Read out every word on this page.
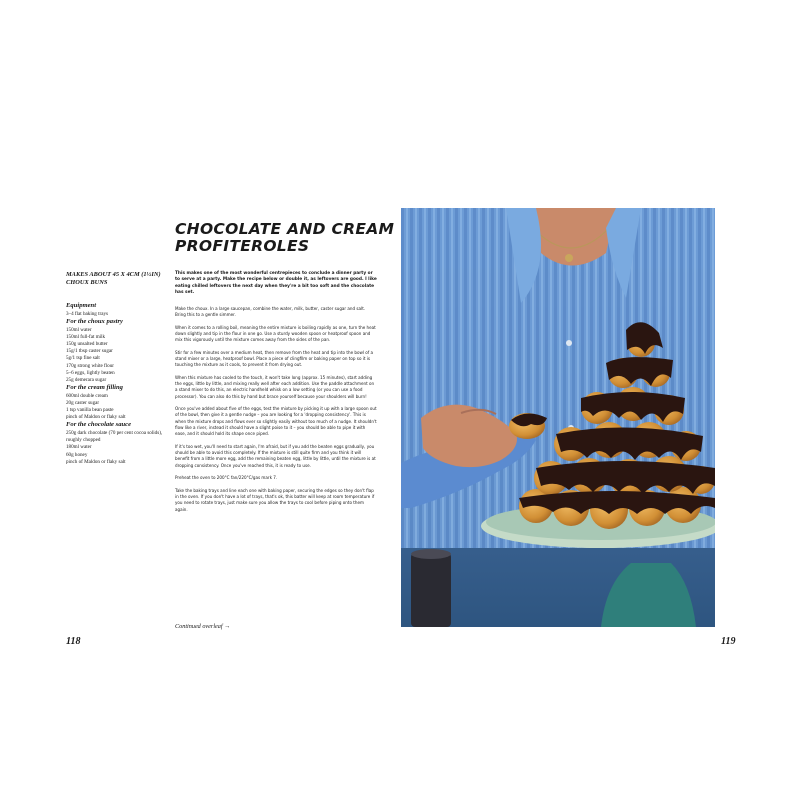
CHOCOLATE AND CREAM PROFITEROLES
MAKES ABOUT 45 X 4CM (1½IN) CHOUX BUNS
Equipment
3–4 flat baking trays
For the choux pastry
150ml water
150ml full-fat milk
150g unsalted butter
15g/1 tbsp caster sugar
5g/1 tsp fine salt
170g strong white flour
5–6 eggs, lightly beaten
25g demerara sugar
For the cream filling
600ml double cream
20g caster sugar
1 tsp vanilla bean paste
pinch of Maldon or flaky salt
For the chocolate sauce
250g dark chocolate (70 per cent cocoa solids), roughly chopped
180ml water
60g honey
pinch of Maldon or flaky salt

This makes one of the most wonderful centrepieces to conclude a dinner party or to serve at a party. Make the recipe below or double it, as leftovers are good. I like eating chilled leftovers the next day when they're a bit too soft and the chocolate has set.

Make the choux. In a large saucepan, combine the water, milk, butter, caster sugar and salt. Bring this to a gentle simmer.

When it comes to a rolling boil, meaning the entire mixture is boiling rapidly as one, turn the heat down slightly and tip in the flour in one go. Use a sturdy wooden spoon or heatproof spoon and mix this vigorously until the mixture comes away from the sides of the pan.

Stir for a few minutes over a medium heat, then remove from the heat and tip into the bowl of a stand mixer or a large, heatproof bowl. Place a piece of clingfilm or baking paper on top so it is touching the mixture as it cools, to prevent it from drying out.

When this mixture has cooled to the touch, it won't take long (approx. 15 minutes), start adding the eggs, little by little, and mixing really well after each addition. Use the paddle attachment on a stand mixer to do this, an electric handheld whisk on a low setting (or you can use a food processor). You can also do this by hand but brace yourself because your shoulders will burn!

Once you've added about five of the eggs, test the mixture by picking it up with a large spoon out of the bowl, then give it a gentle nudge – you are looking for a 'dropping consistency'. This is when the mixture drops and flows ever so slightly easily without too much of a nudge. It shouldn't flow like a river, instead it should have a slight poise to it – you should be able to pipe it with ease, and it should hold its shape once piped.

If it's too wet, you'll need to start again, I'm afraid, but if you add the beaten eggs gradually, you should be able to avoid this completely. If the mixture is still quite firm and you think it will benefit from a little more egg, add the remaining beaten egg, little by little, until the mixture is at dropping consistency. Once you've reached this, it is ready to use.

Preheat the oven to 200°C fan/220°C/gas mark 7.

Take the baking trays and line each one with baking paper, securing the edges so they don't flap in the oven. If you don't have a lot of trays, that's ok, this batter will keep at room temperature if you need to rotate trays, just make sure you allow the trays to cool before piping onto them again.

Continued overleaf →
118	119
